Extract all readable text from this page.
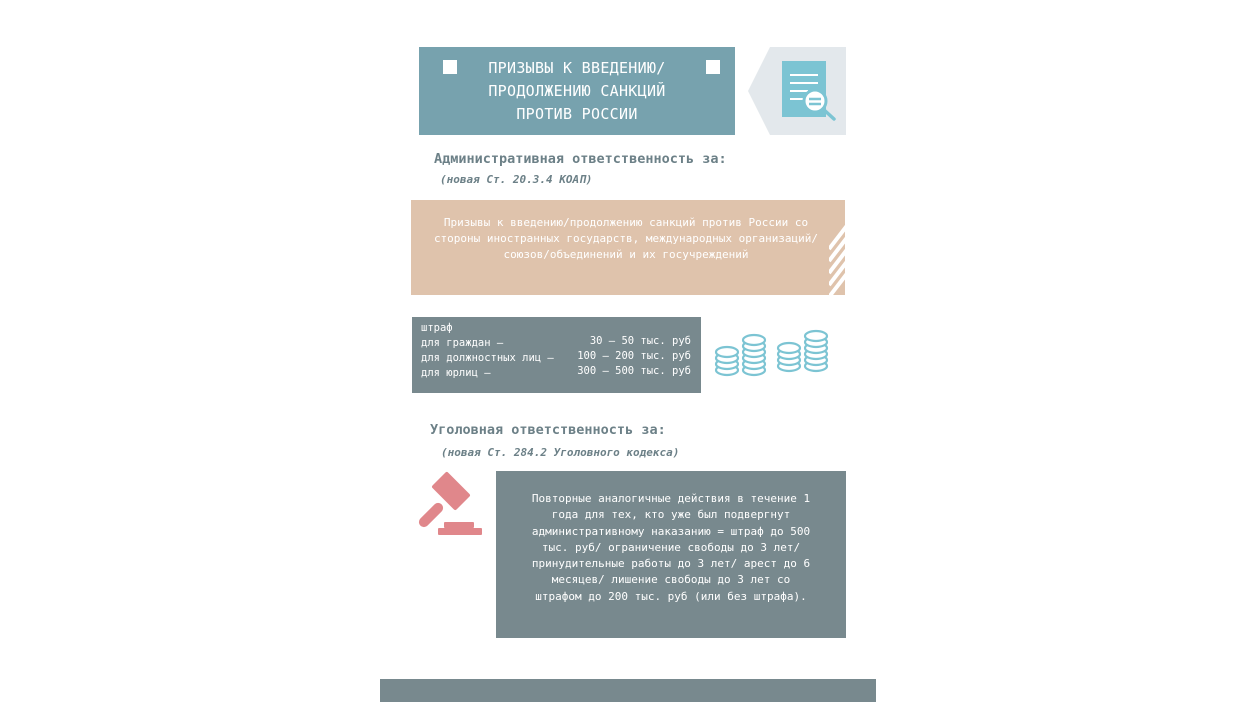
ПРИЗЫВЫ К ВВЕДЕНИЮ/ ПРОДОЛЖЕНИЮ САНКЦИЙ ПРОТИВ РОССИИ
Административная ответственность за:
(новая Ст. 20.3.4 КОАП)
Призывы к введению/продолжению санкций против России со стороны иностранных государств, международных организаций/союзов/объединений и их госучреждений
штраф
для граждан –	30 – 50 тыс. руб
для должностных лиц – 100 – 200 тыс. руб
для юрлиц –	300 – 500 тыс. руб
Уголовная ответственность за:
(новая Ст. 284.2 Уголовного кодекса)
Повторные аналогичные действия в течение 1 года для тех, кто уже был подвергнут административному наказанию = штраф до 500 тыс. руб/ ограничение свободы до 3 лет/ принудительные работы до 3 лет/ арест до 6 месяцев/ лишение свободы до 3 лет со штрафом до 200 тыс. руб (или без штрафа).
